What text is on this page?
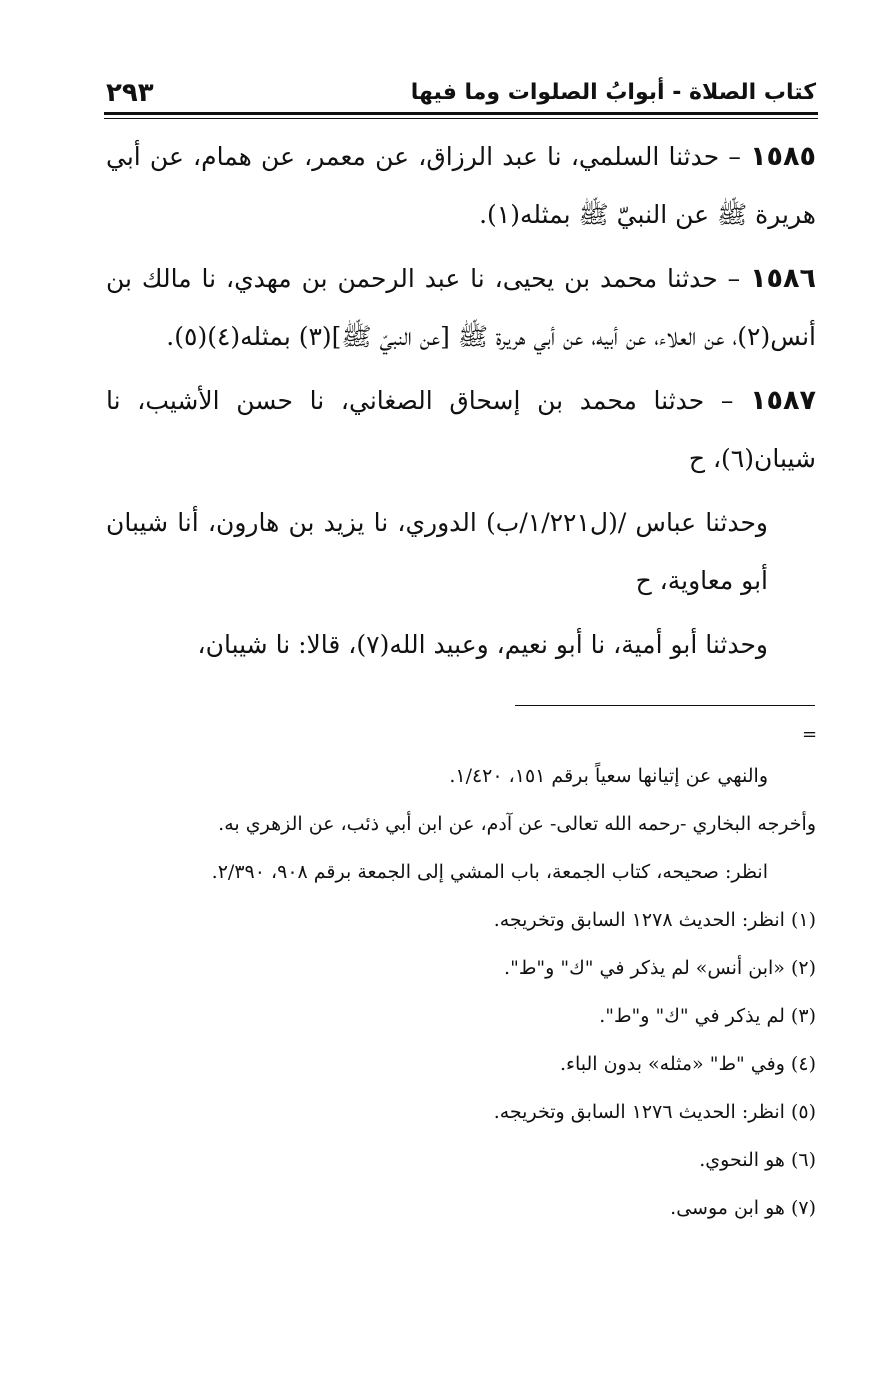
كتاب الصلاة - أبوابُ الصلوات وما فيها
٢٩٣

١٥٨٥ – حدثنا السلمي، نا عبد الرزاق، عن معمر، عن همام، عن أبي هريرة ﷺ عن النبيّ ﷺ بمثله(١).

١٥٨٦ – حدثنا محمد بن يحيى، نا عبد الرحمن بن مهدي، نا مالك بن أنس(٢)، عن العلاء، عن أبيه، عن أبي هريرة ﷺ [عن النبيّ ﷺ](٣) بمثله(٤)(٥).

١٥٨٧ – حدثنا محمد بن إسحاق الصغاني، نا حسن الأشيب، نا شيبان(٦)، ح

وحدثنا عباس /(ل١/٢٢١/ب) الدوري، نا يزيد بن هارون، أنا شيبان أبو معاوية، ح

وحدثنا أبو أمية، نا أبو نعيم، وعبيد الله(٧)، قالا: نا شيبان،

=

والنهي عن إتيانها سعياً برقم ١٥١، ١/٤٢٠.

وأخرجه البخاري -رحمه الله تعالى- عن آدم، عن ابن أبي ذئب، عن الزهري به.

انظر: صحيحه، كتاب الجمعة، باب المشي إلى الجمعة برقم ٩٠٨، ٢/٣٩٠.

(١) انظر: الحديث ١٢٧٨ السابق وتخريجه.

(٢) «ابن أنس» لم يذكر في "ك" و"ط".

(٣) لم يذكر في "ك" و"ط".

(٤) وفي "ط" «مثله» بدون الباء.

(٥) انظر: الحديث ١٢٧٦ السابق وتخريجه.

(٦) هو النحوي.

(٧) هو ابن موسى.
